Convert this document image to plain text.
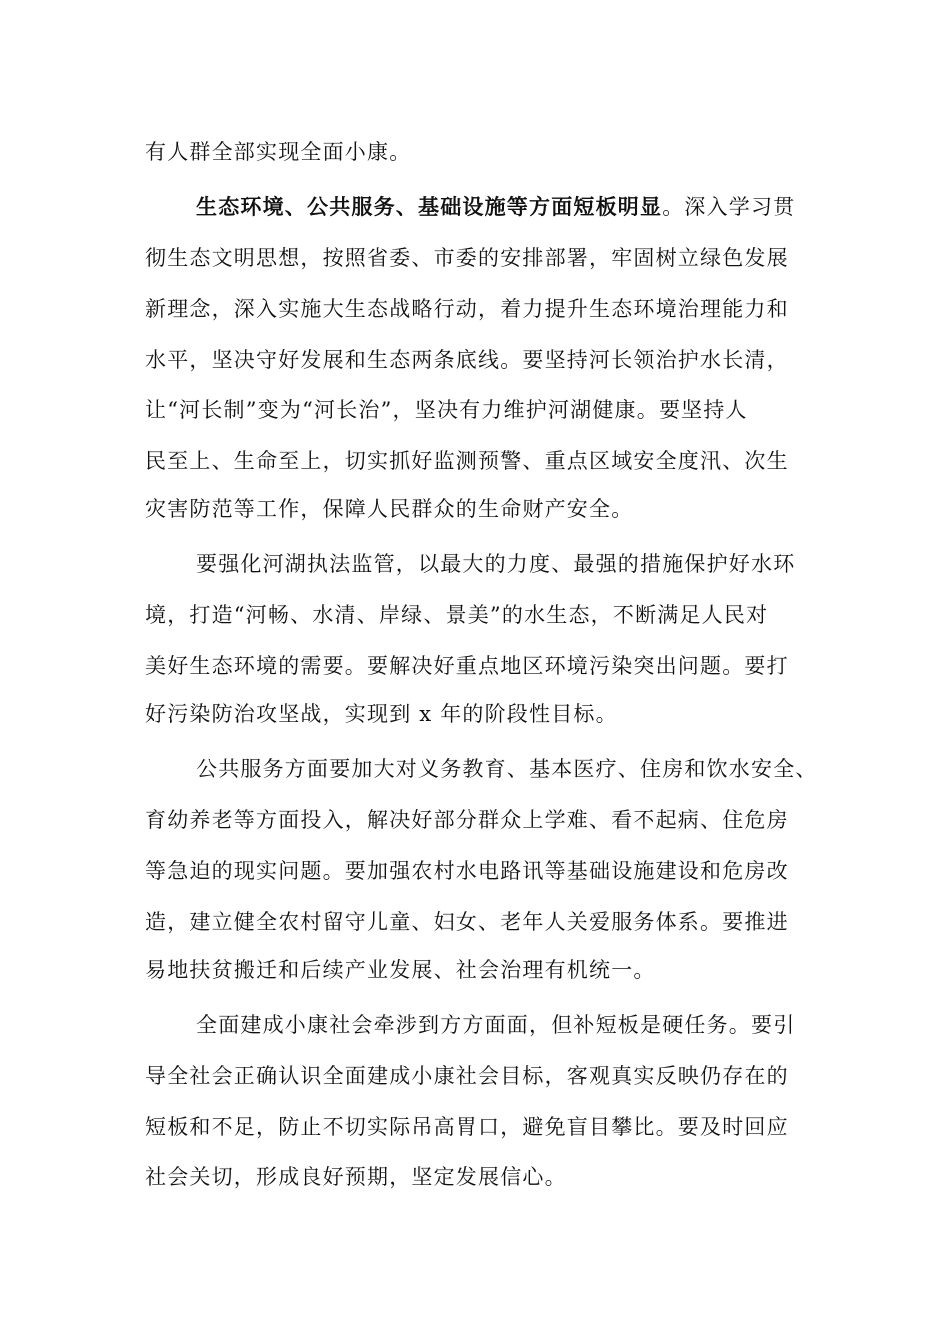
有人群全部实现全面小康。
生态环境、公共服务、基础设施等方面短板明显。深入学习贯
彻生态文明思想，按照省委、市委的安排部署，牢固树立绿色发展
新理念，深入实施大生态战略行动，着力提升生态环境治理能力和
水平，坚决守好发展和生态两条底线。要坚持河长领治护水长清，
让“河长制”变为“河长治”，坚决有力维护河湖健康。要坚持人
民至上、生命至上，切实抓好监测预警、重点区域安全度汛、次生
灾害防范等工作，保障人民群众的生命财产安全。
要强化河湖执法监管，以最大的力度、最强的措施保护好水环
境，打造“河畅、水清、岸绿、景美”的水生态，不断满足人民对
美好生态环境的需要。要解决好重点地区环境污染突出问题。要打
好污染防治攻坚战，实现到 x 年的阶段性目标。
公共服务方面要加大对义务教育、基本医疗、住房和饮水安全、
育幼养老等方面投入，解决好部分群众上学难、看不起病、住危房
等急迫的现实问题。要加强农村水电路讯等基础设施建设和危房改
造，建立健全农村留守儿童、妇女、老年人关爱服务体系。要推进
易地扶贫搬迁和后续产业发展、社会治理有机统一。
全面建成小康社会牵涉到方方面面，但补短板是硬任务。要引
导全社会正确认识全面建成小康社会目标，客观真实反映仍存在的
短板和不足，防止不切实际吊高胃口，避免盲目攀比。要及时回应
社会关切，形成良好预期，坚定发展信心。
